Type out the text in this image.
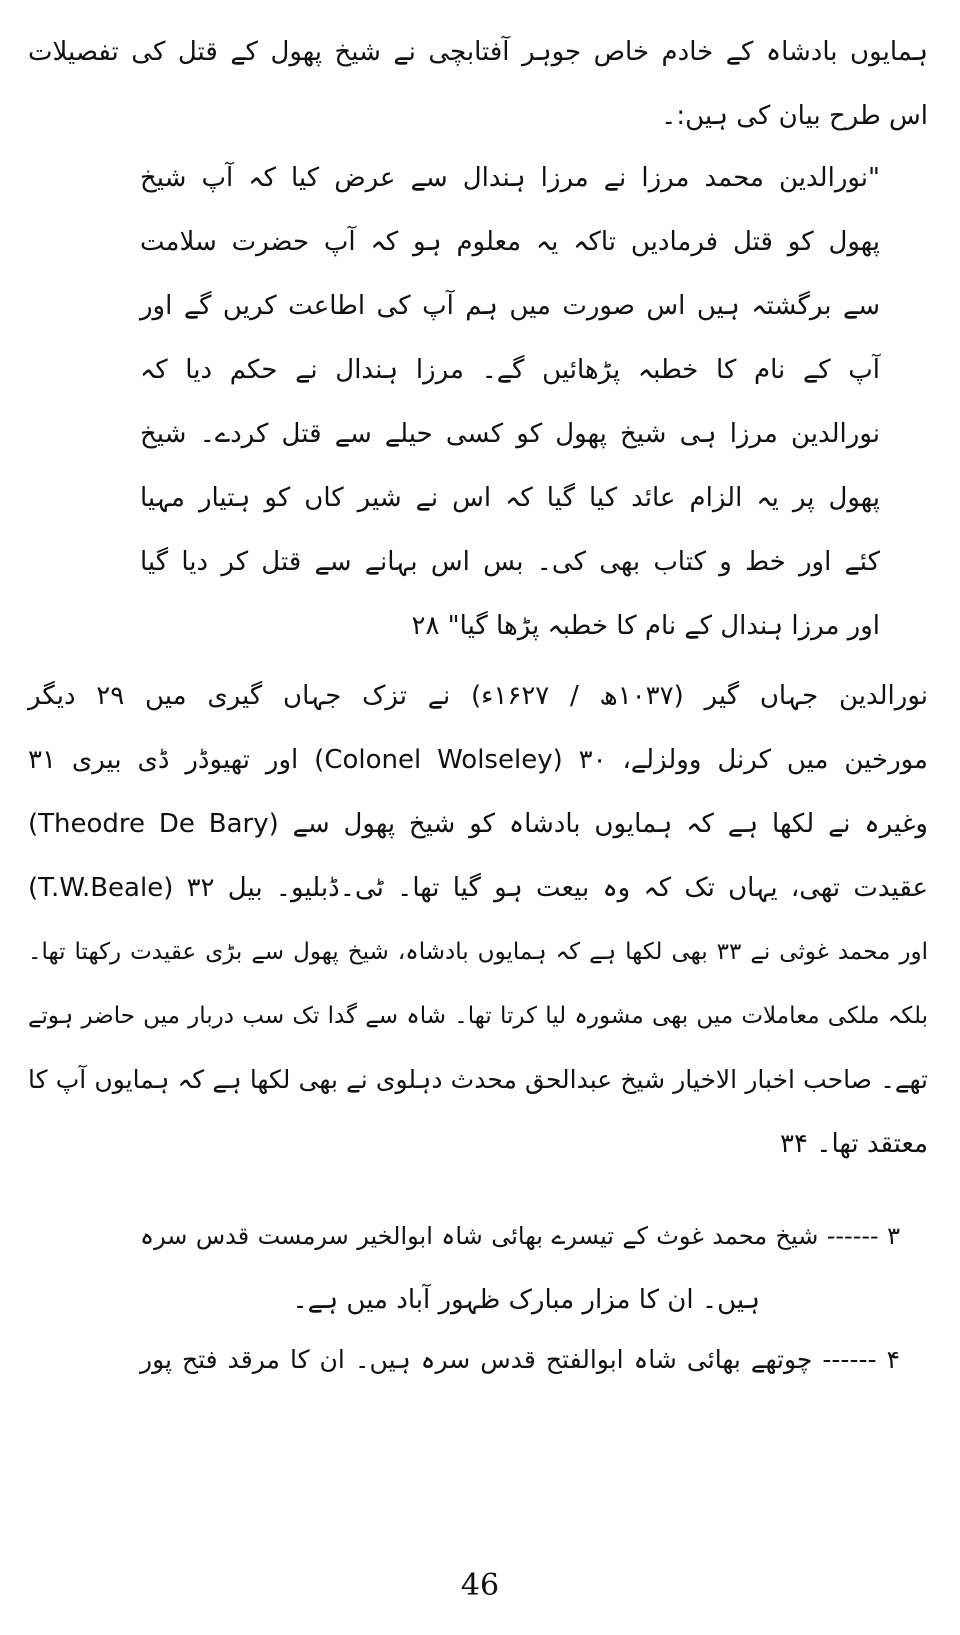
ہمایوں بادشاہ کے خادم خاص جوہر آفتابچی نے شیخ پھول کے قتل کی تفصیلات
اس طرح بیان کی ہیں:۔
"نورالدین محمد مرزا نے مرزا ہندال سے عرض کیا کہ آپ شیخ
پھول کو قتل فرمادیں تاکہ یہ معلوم ہو کہ آپ حضرت سلامت
سے برگشتہ ہیں اس صورت میں ہم آپ کی اطاعت کریں گے اور
آپ کے نام کا خطبہ پڑھائیں گے۔ مرزا ہندال نے حکم دیا کہ
نورالدین مرزا ہی شیخ پھول کو کسی حیلے سے قتل کردے۔ شیخ
پھول پر یہ الزام عائد کیا گیا کہ اس نے شیر کاں کو ہتیار مہیا
کئے اور خط و کتاب بھی کی۔ بس اس بہانے سے قتل کر دیا گیا
اور مرزا ہندال کے نام کا خطبہ پڑھا گیا" ۲۸
نورالدین جہاں گیر (۱۰۳۷ھ / ۱۶۲۷ء) نے تزک جہاں گیری میں ۲۹ دیگر
مورخین میں کرنل وولزلے، ۳۰ (Colonel Wolseley) اور تھیوڈر ڈی بیری ۳۱
(Theodre De Bary) وغیرہ نے لکھا ہے کہ ہمایوں بادشاہ کو شیخ پھول سے
عقیدت تھی، یہاں تک کہ وہ بیعت ہو گیا تھا۔ ٹی۔ڈبلیو۔ بیل ۳۲ (T.W.Beale)
اور محمد غوثی نے ۳۳ بھی لکھا ہے کہ ہمایوں بادشاہ، شیخ پھول سے بڑی عقیدت رکھتا تھا۔
بلکہ ملکی معاملات میں بھی مشورہ لیا کرتا تھا۔ شاہ سے گدا تک سب دربار میں حاضر ہوتے
تھے۔ صاحب اخبار الاخیار شیخ عبدالحق محدث دہلوی نے بھی لکھا ہے کہ ہمایوں آپ کا
معتقد تھا۔ ۳۴
۳ ------ شیخ محمد غوث کے تیسرے بھائی شاہ ابوالخیر سرمست قدس سرہ
ہیں۔ ان کا مزار مبارک ظہور آباد میں ہے۔
۴ ------ چوتھے بھائی شاہ ابوالفتح قدس سرہ ہیں۔ ان کا مرقد فتح پور
46
